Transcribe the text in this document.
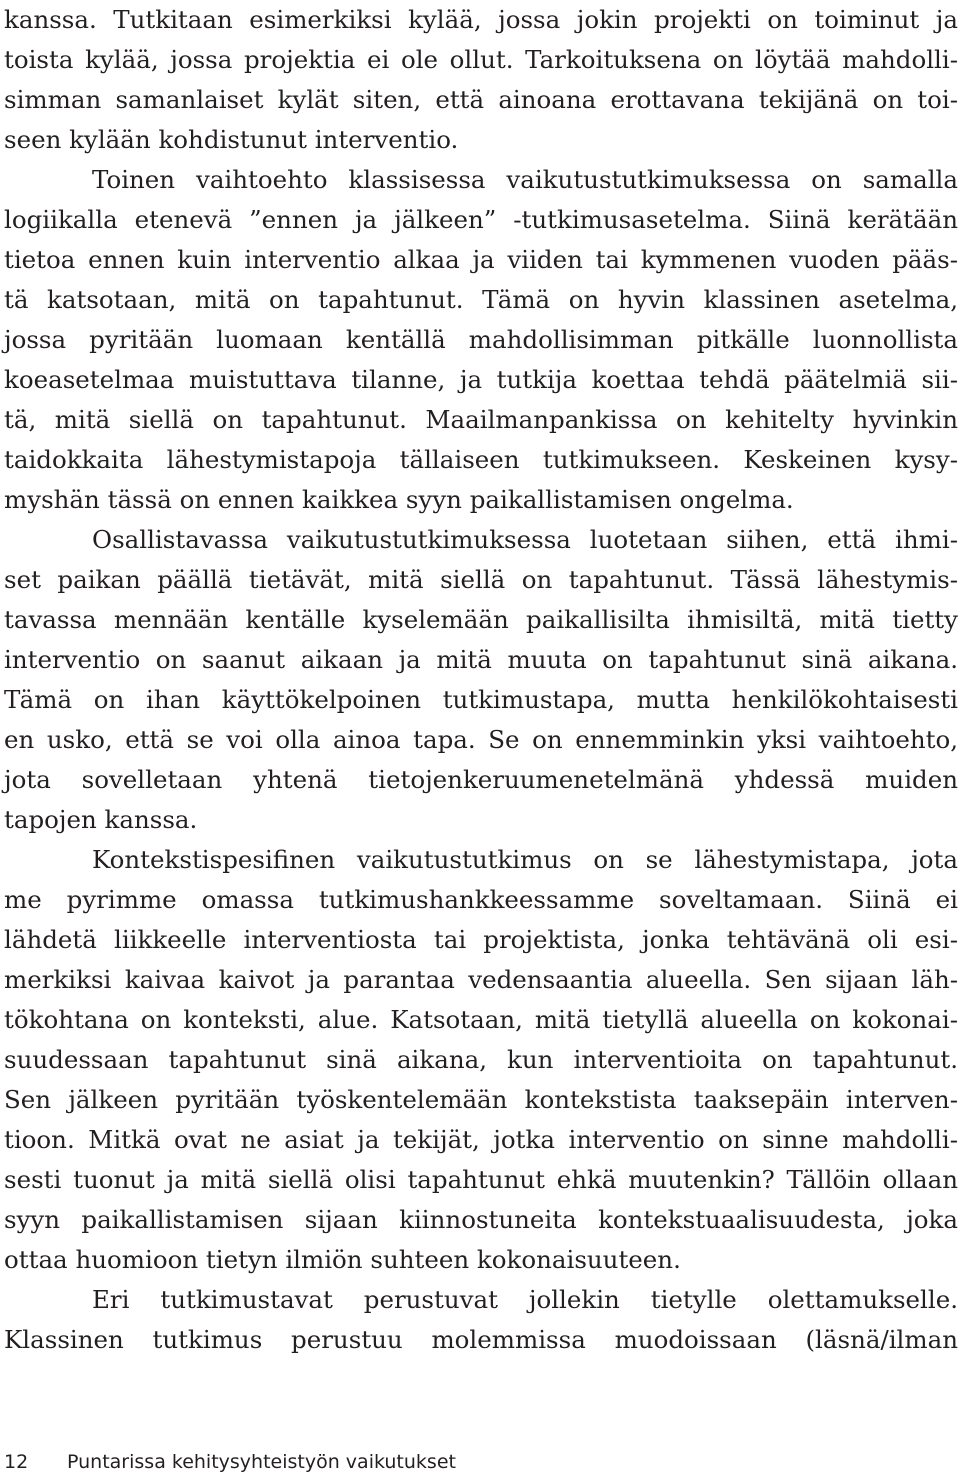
kanssa. Tutkitaan esimerkiksi kylää, jossa jokin projekti on toiminut ja
toista kylää, jossa projektia ei ole ollut. Tarkoituksena on löytää mahdolli-
simman samanlaiset kylät siten, että ainoana erottavana tekijänä on toi-
seen kylään kohdistunut interventio.
Toinen vaihtoehto klassisessa vaikutustutkimuksessa on samalla
logiikalla etenevä ”ennen ja jälkeen” -tutkimusasetelma. Siinä kerätään
tietoa ennen kuin interventio alkaa ja viiden tai kymmenen vuoden pääs-
tä katsotaan, mitä on tapahtunut. Tämä on hyvin klassinen asetelma,
jossa pyritään luomaan kentällä mahdollisimman pitkälle luonnollista
koeasetelmaa muistuttava tilanne, ja tutkija koettaa tehdä päätelmiä sii-
tä, mitä siellä on tapahtunut. Maailmanpankissa on kehitelty hyvinkin
taidokkaita lähestymistapoja tällaiseen tutkimukseen. Keskeinen kysy-
myshän tässä on ennen kaikkea syyn paikallistamisen ongelma.
Osallistavassa vaikutustutkimuksessa luotetaan siihen, että ihmi-
set paikan päällä tietävät, mitä siellä on tapahtunut. Tässä lähestymis-
tavassa mennään kentälle kyselemään paikallisilta ihmisiltä, mitä tietty
interventio on saanut aikaan ja mitä muuta on tapahtunut sinä aikana.
Tämä on ihan käyttökelpoinen tutkimustapa, mutta henkilökohtaisesti
en usko, että se voi olla ainoa tapa. Se on ennemminkin yksi vaihtoehto,
jota sovelletaan yhtenä tietojenkeruumenetelmänä yhdessä muiden
tapojen kanssa.
Kontekstispesifinen vaikutustutkimus on se lähestymistapa, jota
me pyrimme omassa tutkimushankkeessamme soveltamaan. Siinä ei
lähdetä liikkeelle interventiosta tai projektista, jonka tehtävänä oli esi-
merkiksi kaivaa kaivot ja parantaa vedensaantia alueella. Sen sijaan läh-
tökohtana on konteksti, alue. Katsotaan, mitä tietyllä alueella on kokonai-
suudessaan tapahtunut sinä aikana, kun interventioita on tapahtunut.
Sen jälkeen pyritään työskentelemään kontekstista taaksepäin interven-
tioon. Mitkä ovat ne asiat ja tekijät, jotka interventio on sinne mahdolli-
sesti tuonut ja mitä siellä olisi tapahtunut ehkä muutenkin? Tällöin ollaan
syyn paikallistamisen sijaan kiinnostuneita kontekstuaalisuudesta, joka
ottaa huomioon tietyn ilmiön suhteen kokonaisuuteen.
Eri tutkimustavat perustuvat jollekin tietylle olettamukselle.
Klassinen tutkimus perustuu molemmissa muodoissaan (läsnä/ilman
12 Puntarissa kehitysyhteistyön vaikutukset
